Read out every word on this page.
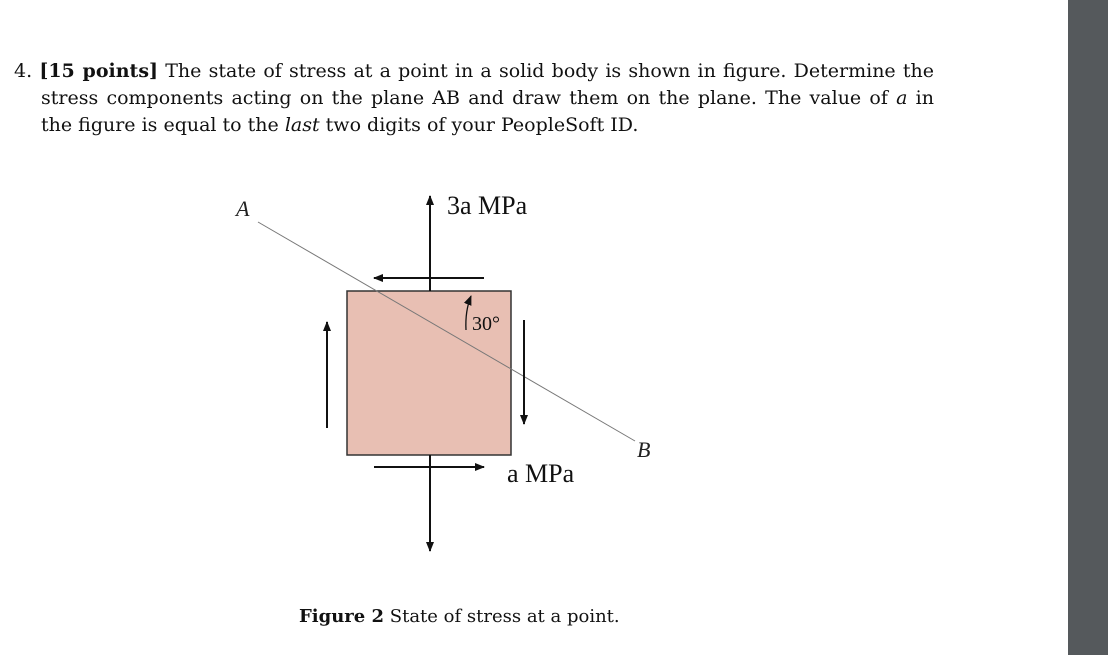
4. [15 points] The state of stress at a point in a solid body is shown in figure. Determine the
stress components acting on the plane AB and draw them on the plane. The value of a in
the figure is equal to the last two digits of your PeopleSoft ID.
A
B
3a MPa
a MPa
30°
Figure 2 State of stress at a point.
